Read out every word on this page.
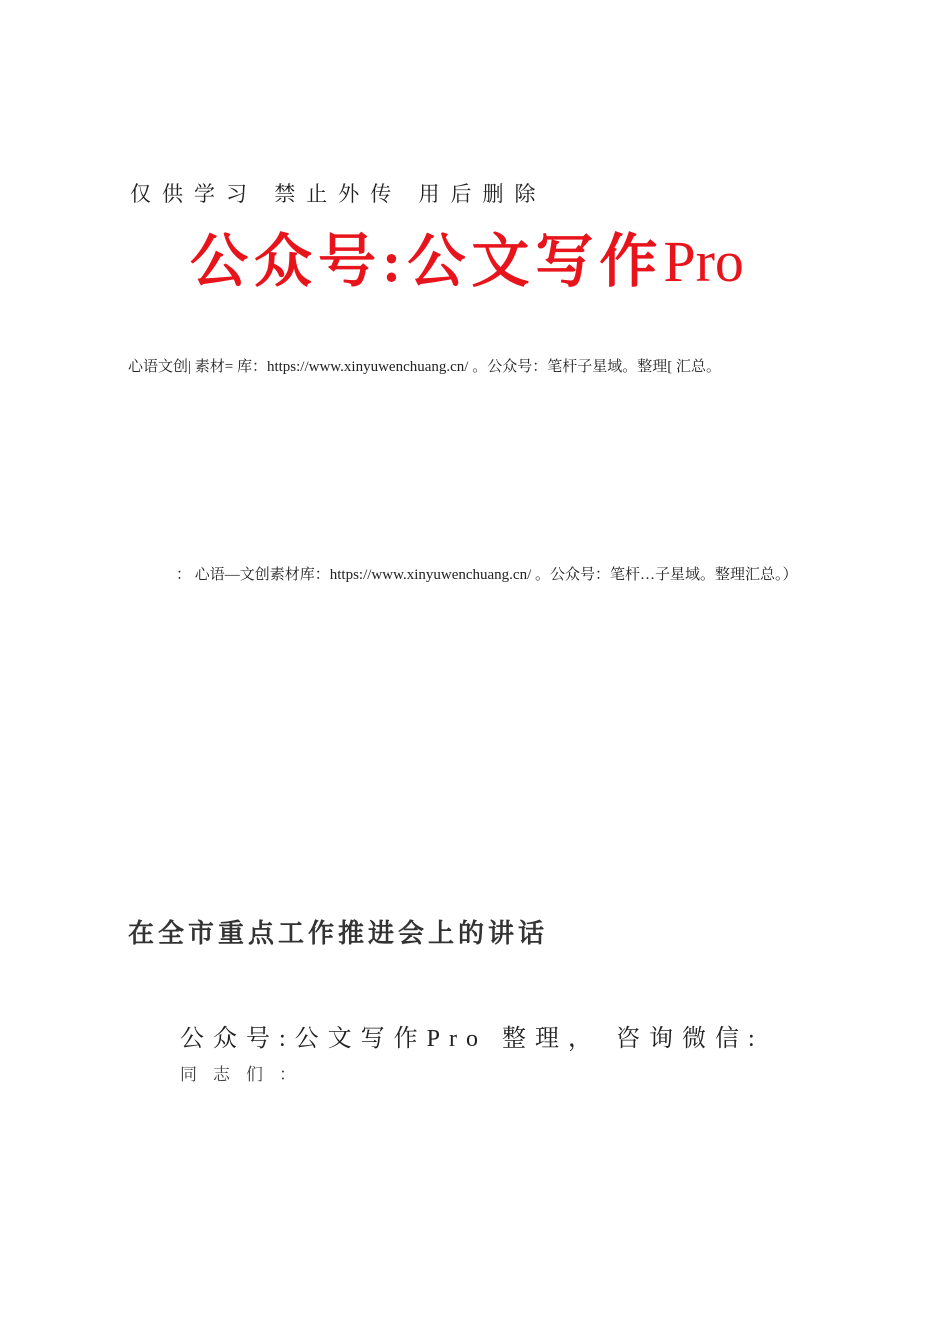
仅供学习 禁止外传 用后删除
公众号:公文写作Pro
心语文创| 素材= 库：https://www.xinyuwenchuang.cn/ 。公众号：笔杆子星域。整理[ 汇总。
： 心语—文创素材库：https://www.xinyuwenchuang.cn/ 。公众号：笔杆…子星域。整理汇总。）
在全市重点工作推进会上的讲话
公众号:公文写作Pro 整理， 咨询微信:
同志们：
